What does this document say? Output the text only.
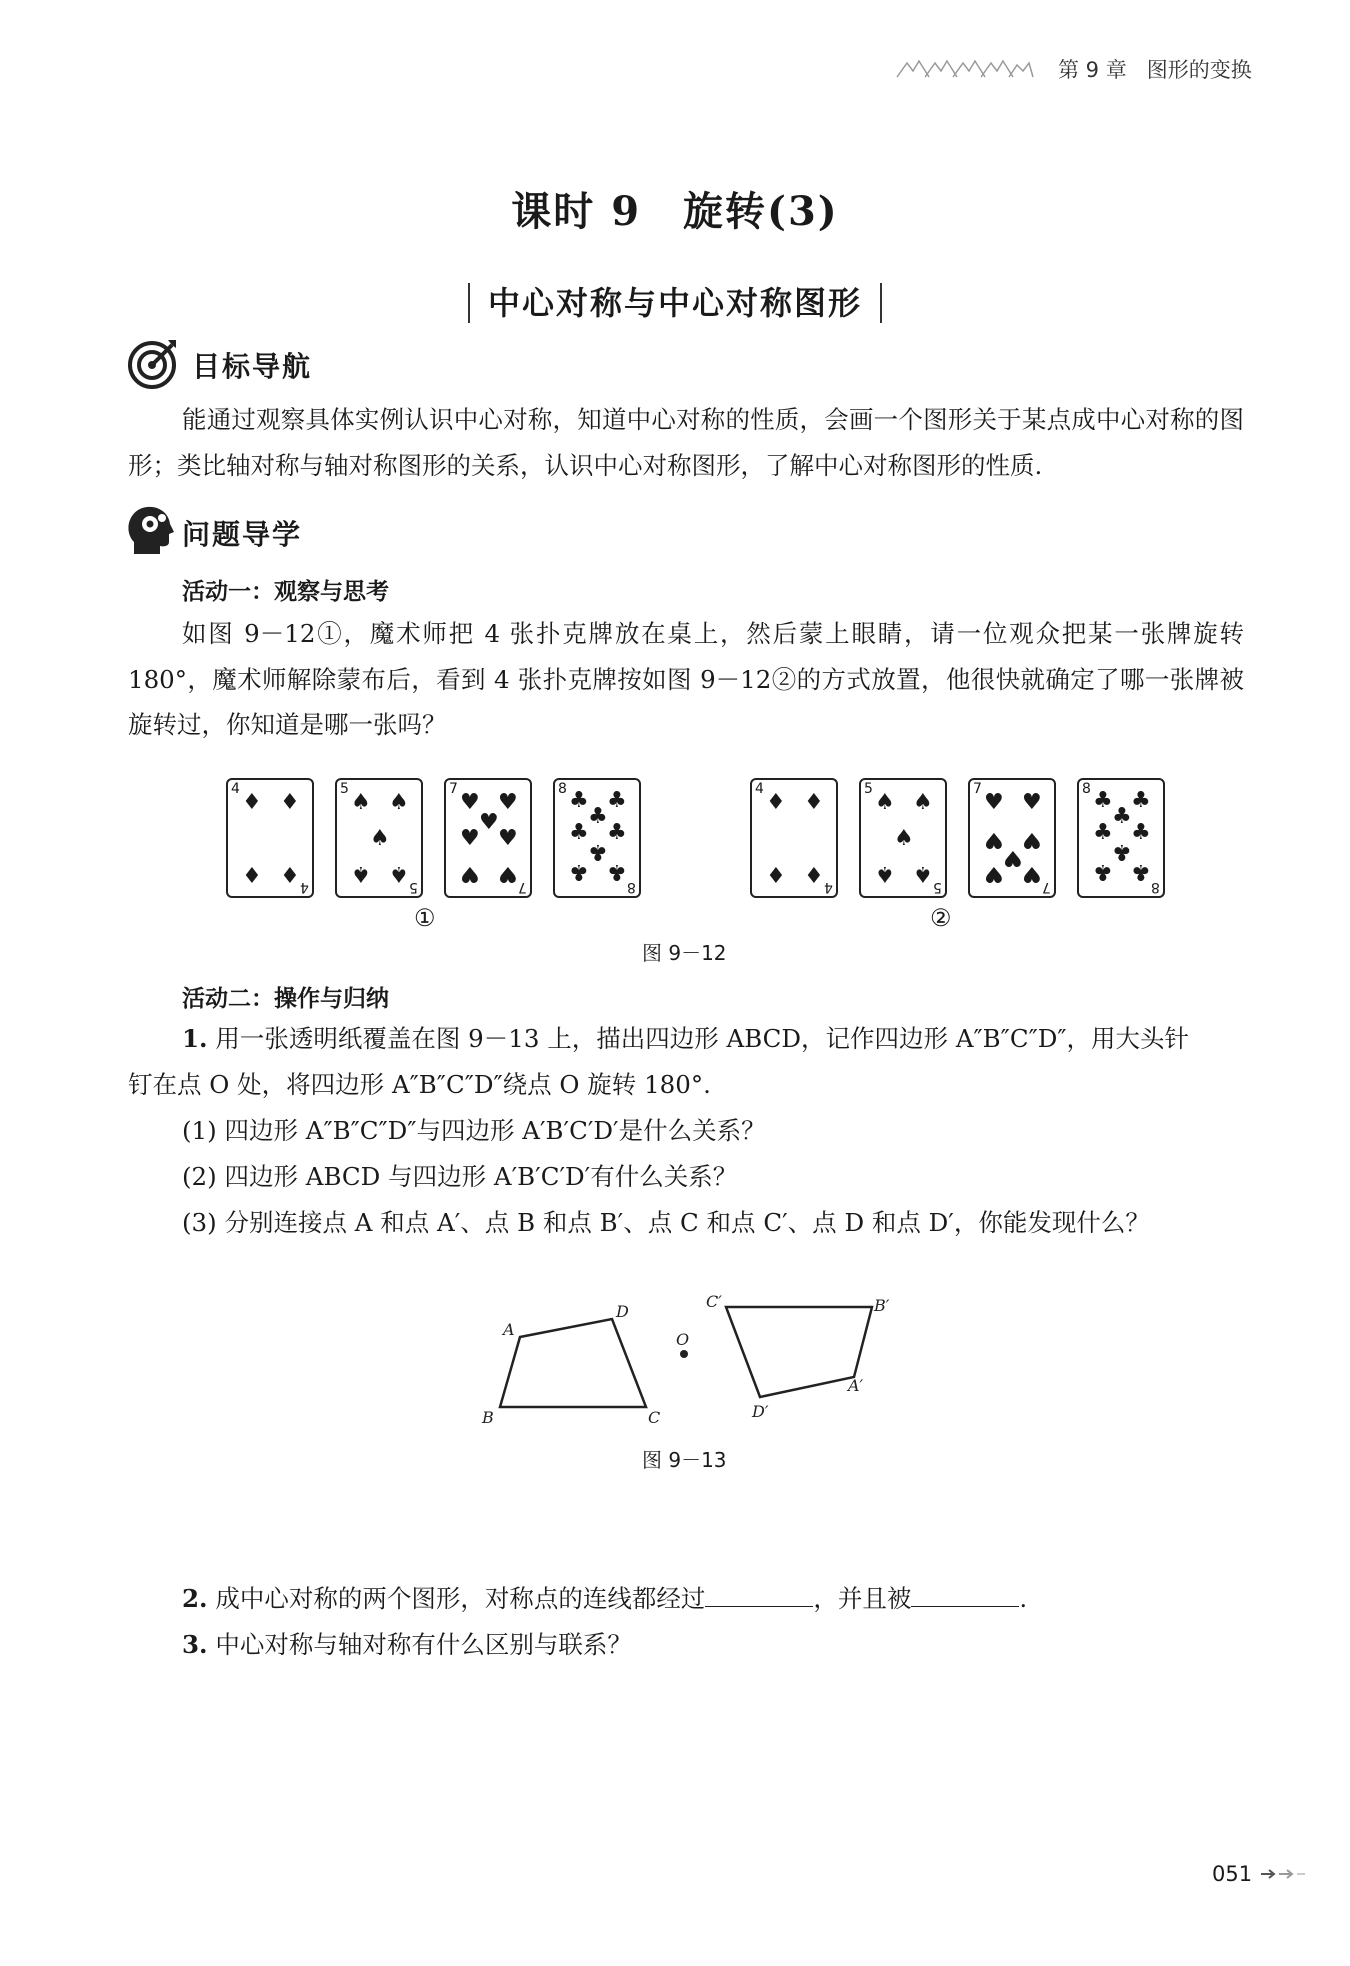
第 9 章 图形的变换
课时 9　旋转(3)
中心对称与中心对称图形
目标导航
能通过观察具体实例认识中心对称，知道中心对称的性质，会画一个图形关于某点成中心对称的图形；类比轴对称与轴对称图形的关系，认识中心对称图形，了解中心对称图形的性质.
问题导学
活动一：观察与思考
如图 9－12①，魔术师把 4 张扑克牌放在桌上，然后蒙上眼睛，请一位观众把某一张牌旋转 180°，魔术师解除蒙布后，看到 4 张扑克牌按如图 9－12②的方式放置，他很快就确定了哪一张牌被旋转过，你知道是哪一张吗？
4
4
♦ ♦
♦ ♦
5
5
♠ ♠
♠
♠ ♠
7
7
♥ ♥
♥
♥ ♥
♥ ♥
8
8
♣ ♣
♣
♣ ♣
♣
♣ ♣
4
4
♦ ♦
♦ ♦
5
5
♠ ♠
♠
♠ ♠
7
7
♥ ♥
♥ ♥
♥
♥ ♥
8
8
♣ ♣
♣
♣ ♣
♣
♣ ♣
①	②
图 9－12
活动二：操作与归纳
1. 用一张透明纸覆盖在图 9－13 上，描出四边形 ABCD，记作四边形 A″B″C″D″，用大头针
钉在点 O 处，将四边形 A″B″C″D″绕点 O 旋转 180°.
(1) 四边形 A″B″C″D″与四边形 A′B′C′D′是什么关系？
(2) 四边形 ABCD 与四边形 A′B′C′D′有什么关系？
(3) 分别连接点 A 和点 A′、点 B 和点 B′、点 C 和点 C′、点 D 和点 D′，你能发现什么？
A
D
B	C
O
C′	B′
A′
D′
图 9－13
2. 成中心对称的两个图形，对称点的连线都经过	，并且被	.
3. 中心对称与轴对称有什么区别与联系？
051
